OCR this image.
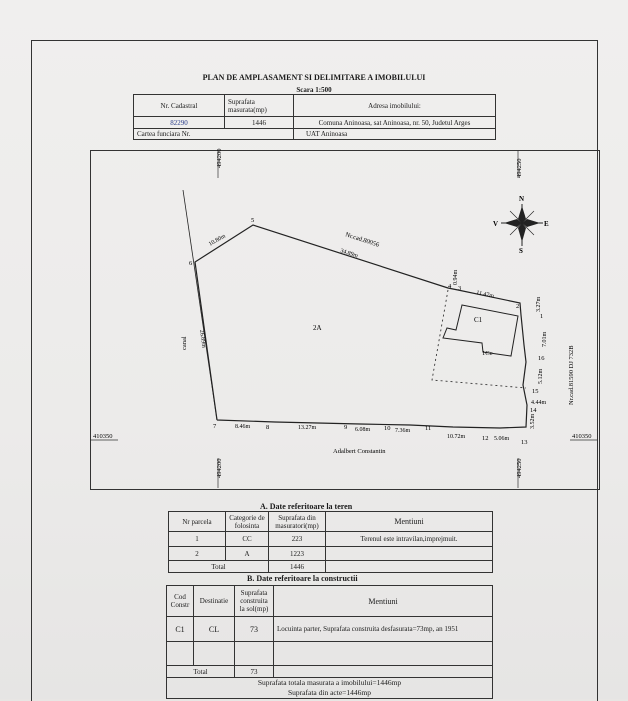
PLAN DE AMPLASAMENT SI DELIMITARE A IMOBILULUI
Scara 1:500
Nr. Cadastral	Suprafata masurata(mp)	Adresa imobilului:
82290	1446	Comuna Aninoasa, sat Aninoasa, nr. 50, Judetul Arges
Cartea funciara Nr.		UAT Aninoasa
494200
494250
494200	494250
410350	410350
N
E
S
V
Nr.cad.80056
canal
Adalbert Constantin
Nr.cad.81590 DJ 732B
2A
C1
1Cc
1
2
3
4
5
6
7	8	9	10	11
12
13
14
15
16
10.80m
34.89m
0.94m
11.47m
3.27m
7.01m
5.12m
4.44m
3.52m
5.06m
10.72m
7.36m
6.08m
13.27m
8.46m
26.89m
A. Date referitoare la teren
Nr parcela	Categorie de folosinta	Suprafata din masuratori(mp)	Mentiuni
1	CC	223	Terenul este intravilan,imprejmuit.
2	A	1223	
Total		1446	
B. Date referitoare la constructii
Cod Constr	Destinatie	Suprafata construita la sol(mp)	Mentiuni
C1	CL	73	Locuinta parter, Suprafata construita desfasurata=73mp, an 1951

Total		73	

Suprafata totala masurata a imobilului=1446mp
Suprafata din acte=1446mp			
